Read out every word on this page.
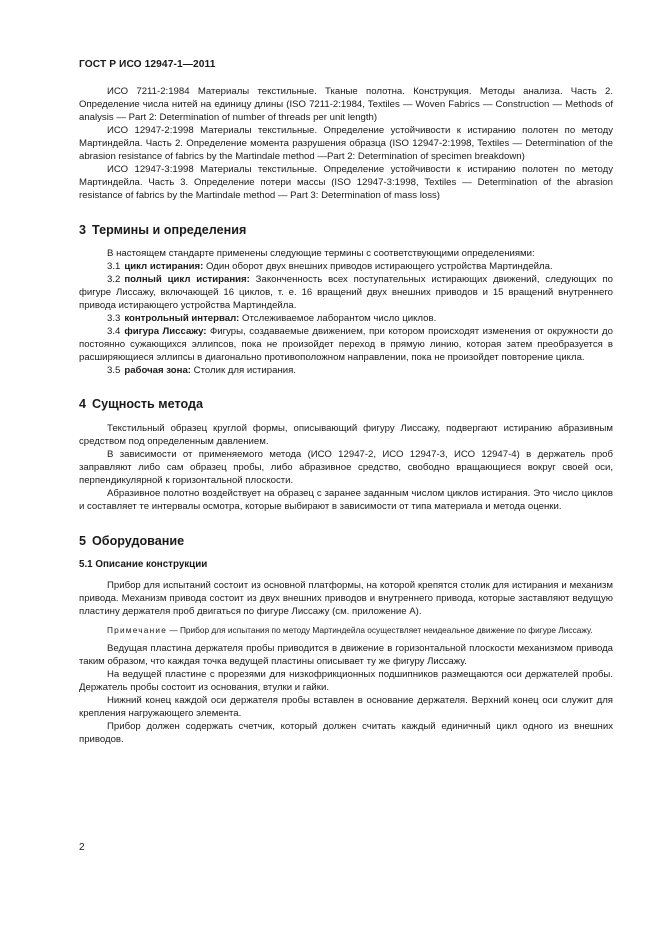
ГОСТ Р ИСО 12947-1—2011

ИСО 7211-2:1984 Материалы текстильные. Тканые полотна. Конструкция. Методы анализа. Часть 2. Определение числа нитей на единицу длины (ISO 7211-2:1984, Textiles — Woven Fabrics — Construction — Methods of analysis — Part 2: Determination of number of threads per unit length)

ИСО 12947-2:1998 Материалы текстильные. Определение устойчивости к истиранию полотен по методу Мартиндейла. Часть 2. Определение момента разрушения образца (ISO 12947-2:1998, Textiles — Determination of the abrasion resistance of fabrics by the Martindale method —Part 2: Determination of specimen breakdown)

ИСО 12947-3:1998 Материалы текстильные. Определение устойчивости к истиранию полотен по методу Мартиндейла. Часть 3. Определение потери массы (ISO 12947-3:1998, Textiles — Determination of the abrasion resistance of fabrics by the Martindale method — Part 3: Determination of mass loss)

3 Термины и определения

В настоящем стандарте применены следующие термины с соответствующими определениями:

3.1 цикл истирания: Один оборот двух внешних приводов истирающего устройства Мартиндейла.

3.2 полный цикл истирания: Законченность всех поступательных истирающих движений, следующих по фигуре Лиссажу, включающей 16 циклов, т. е. 16 вращений двух внешних приводов и 15 вращений внутреннего привода истирающего устройства Мартиндейла.

3.3 контрольный интервал: Отслеживаемое лаборантом число циклов.

3.4 фигура Лиссажу: Фигуры, создаваемые движением, при котором происходят изменения от окружности до постоянно сужающихся эллипсов, пока не произойдет переход в прямую линию, которая затем преобразуется в расширяющиеся эллипсы в диагонально противоположном направлении, пока не произойдет повторение цикла.

3.5 рабочая зона: Столик для истирания.

4 Сущность метода

Текстильный образец круглой формы, описывающий фигуру Лиссажу, подвергают истиранию абразивным средством под определенным давлением.

В зависимости от применяемого метода (ИСО 12947-2, ИСО 12947-3, ИСО 12947-4) в держатель проб заправляют либо сам образец пробы, либо абразивное средство, свободно вращающиеся вокруг своей оси, перпендикулярной к горизонтальной плоскости.

Абразивное полотно воздействует на образец с заранее заданным числом циклов истирания. Это число циклов и составляет те интервалы осмотра, которые выбирают в зависимости от типа материала и метода оценки.

5 Оборудование
5.1 Описание конструкции

Прибор для испытаний состоит из основной платформы, на которой крепятся столик для истирания и механизм привода. Механизм привода состоит из двух внешних приводов и внутреннего привода, которые заставляют ведущую пластину держателя проб двигаться по фигуре Лиссажу (см. приложение А).

Примечание — Прибор для испытания по методу Мартиндейла осуществляет неидеальное движение по фигуре Лиссажу.

Ведущая пластина держателя пробы приводится в движение в горизонтальной плоскости механизмом привода таким образом, что каждая точка ведущей пластины описывает ту же фигуру Лиссажу.

На ведущей пластине с прорезями для низкофрикционных подшипников размещаются оси держателей пробы. Держатель пробы состоит из основания, втулки и гайки.

Нижний конец каждой оси держателя пробы вставлен в основание держателя. Верхний конец оси служит для крепления нагружающего элемента.

Прибор должен содержать счетчик, который должен считать каждый единичный цикл одного из внешних приводов.

2
